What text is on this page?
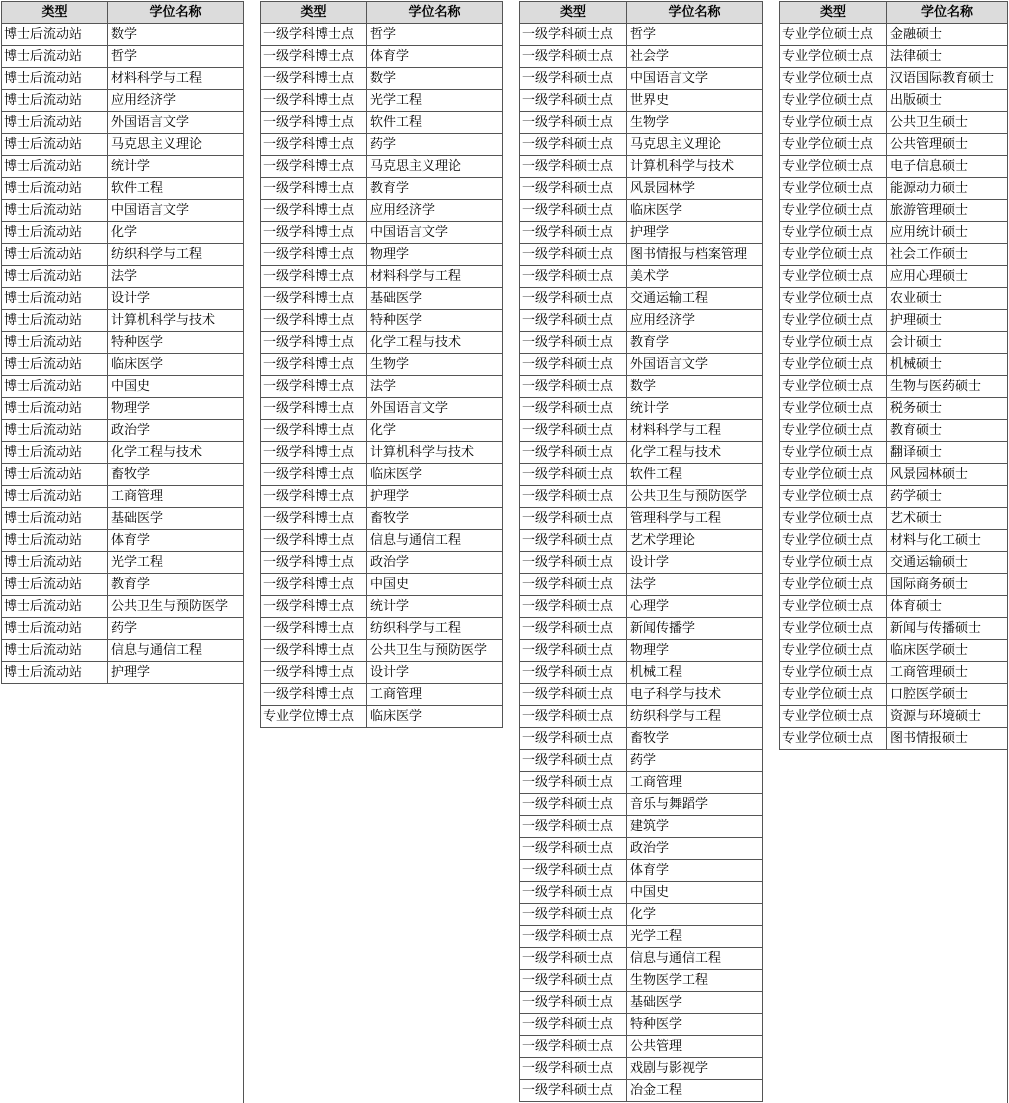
类型	学位名称
博士后流动站	数学
博士后流动站	哲学
博士后流动站	材料科学与工程
博士后流动站	应用经济学
博士后流动站	外国语言文学
博士后流动站	马克思主义理论
博士后流动站	统计学
博士后流动站	软件工程
博士后流动站	中国语言文学
博士后流动站	化学
博士后流动站	纺织科学与工程
博士后流动站	法学
博士后流动站	设计学
博士后流动站	计算机科学与技术
博士后流动站	特种医学
博士后流动站	临床医学
博士后流动站	中国史
博士后流动站	物理学
博士后流动站	政治学
博士后流动站	化学工程与技术
博士后流动站	畜牧学
博士后流动站	工商管理
博士后流动站	基础医学
博士后流动站	体育学
博士后流动站	光学工程
博士后流动站	教育学
博士后流动站	公共卫生与预防医学
博士后流动站	药学
博士后流动站	信息与通信工程
博士后流动站	护理学
类型	学位名称
一级学科博士点	哲学
一级学科博士点	体育学
一级学科博士点	数学
一级学科博士点	光学工程
一级学科博士点	软件工程
一级学科博士点	药学
一级学科博士点	马克思主义理论
一级学科博士点	教育学
一级学科博士点	应用经济学
一级学科博士点	中国语言文学
一级学科博士点	物理学
一级学科博士点	材料科学与工程
一级学科博士点	基础医学
一级学科博士点	特种医学
一级学科博士点	化学工程与技术
一级学科博士点	生物学
一级学科博士点	法学
一级学科博士点	外国语言文学
一级学科博士点	化学
一级学科博士点	计算机科学与技术
一级学科博士点	临床医学
一级学科博士点	护理学
一级学科博士点	畜牧学
一级学科博士点	信息与通信工程
一级学科博士点	政治学
一级学科博士点	中国史
一级学科博士点	统计学
一级学科博士点	纺织科学与工程
一级学科博士点	公共卫生与预防医学
一级学科博士点	设计学
一级学科博士点	工商管理
专业学位博士点	临床医学
类型	学位名称
一级学科硕士点	哲学
一级学科硕士点	社会学
一级学科硕士点	中国语言文学
一级学科硕士点	世界史
一级学科硕士点	生物学
一级学科硕士点	马克思主义理论
一级学科硕士点	计算机科学与技术
一级学科硕士点	风景园林学
一级学科硕士点	临床医学
一级学科硕士点	护理学
一级学科硕士点	图书情报与档案管理
一级学科硕士点	美术学
一级学科硕士点	交通运输工程
一级学科硕士点	应用经济学
一级学科硕士点	教育学
一级学科硕士点	外国语言文学
一级学科硕士点	数学
一级学科硕士点	统计学
一级学科硕士点	材料科学与工程
一级学科硕士点	化学工程与技术
一级学科硕士点	软件工程
一级学科硕士点	公共卫生与预防医学
一级学科硕士点	管理科学与工程
一级学科硕士点	艺术学理论
一级学科硕士点	设计学
一级学科硕士点	法学
一级学科硕士点	心理学
一级学科硕士点	新闻传播学
一级学科硕士点	物理学
一级学科硕士点	机械工程
一级学科硕士点	电子科学与技术
一级学科硕士点	纺织科学与工程
一级学科硕士点	畜牧学
一级学科硕士点	药学
一级学科硕士点	工商管理
一级学科硕士点	音乐与舞蹈学
一级学科硕士点	建筑学
一级学科硕士点	政治学
一级学科硕士点	体育学
一级学科硕士点	中国史
一级学科硕士点	化学
一级学科硕士点	光学工程
一级学科硕士点	信息与通信工程
一级学科硕士点	生物医学工程
一级学科硕士点	基础医学
一级学科硕士点	特种医学
一级学科硕士点	公共管理
一级学科硕士点	戏剧与影视学
一级学科硕士点	冶金工程
类型	学位名称
专业学位硕士点	金融硕士
专业学位硕士点	法律硕士
专业学位硕士点	汉语国际教育硕士
专业学位硕士点	出版硕士
专业学位硕士点	公共卫生硕士
专业学位硕士点	公共管理硕士
专业学位硕士点	电子信息硕士
专业学位硕士点	能源动力硕士
专业学位硕士点	旅游管理硕士
专业学位硕士点	应用统计硕士
专业学位硕士点	社会工作硕士
专业学位硕士点	应用心理硕士
专业学位硕士点	农业硕士
专业学位硕士点	护理硕士
专业学位硕士点	会计硕士
专业学位硕士点	机械硕士
专业学位硕士点	生物与医药硕士
专业学位硕士点	税务硕士
专业学位硕士点	教育硕士
专业学位硕士点	翻译硕士
专业学位硕士点	风景园林硕士
专业学位硕士点	药学硕士
专业学位硕士点	艺术硕士
专业学位硕士点	材料与化工硕士
专业学位硕士点	交通运输硕士
专业学位硕士点	国际商务硕士
专业学位硕士点	体育硕士
专业学位硕士点	新闻与传播硕士
专业学位硕士点	临床医学硕士
专业学位硕士点	工商管理硕士
专业学位硕士点	口腔医学硕士
专业学位硕士点	资源与环境硕士
专业学位硕士点	图书情报硕士
